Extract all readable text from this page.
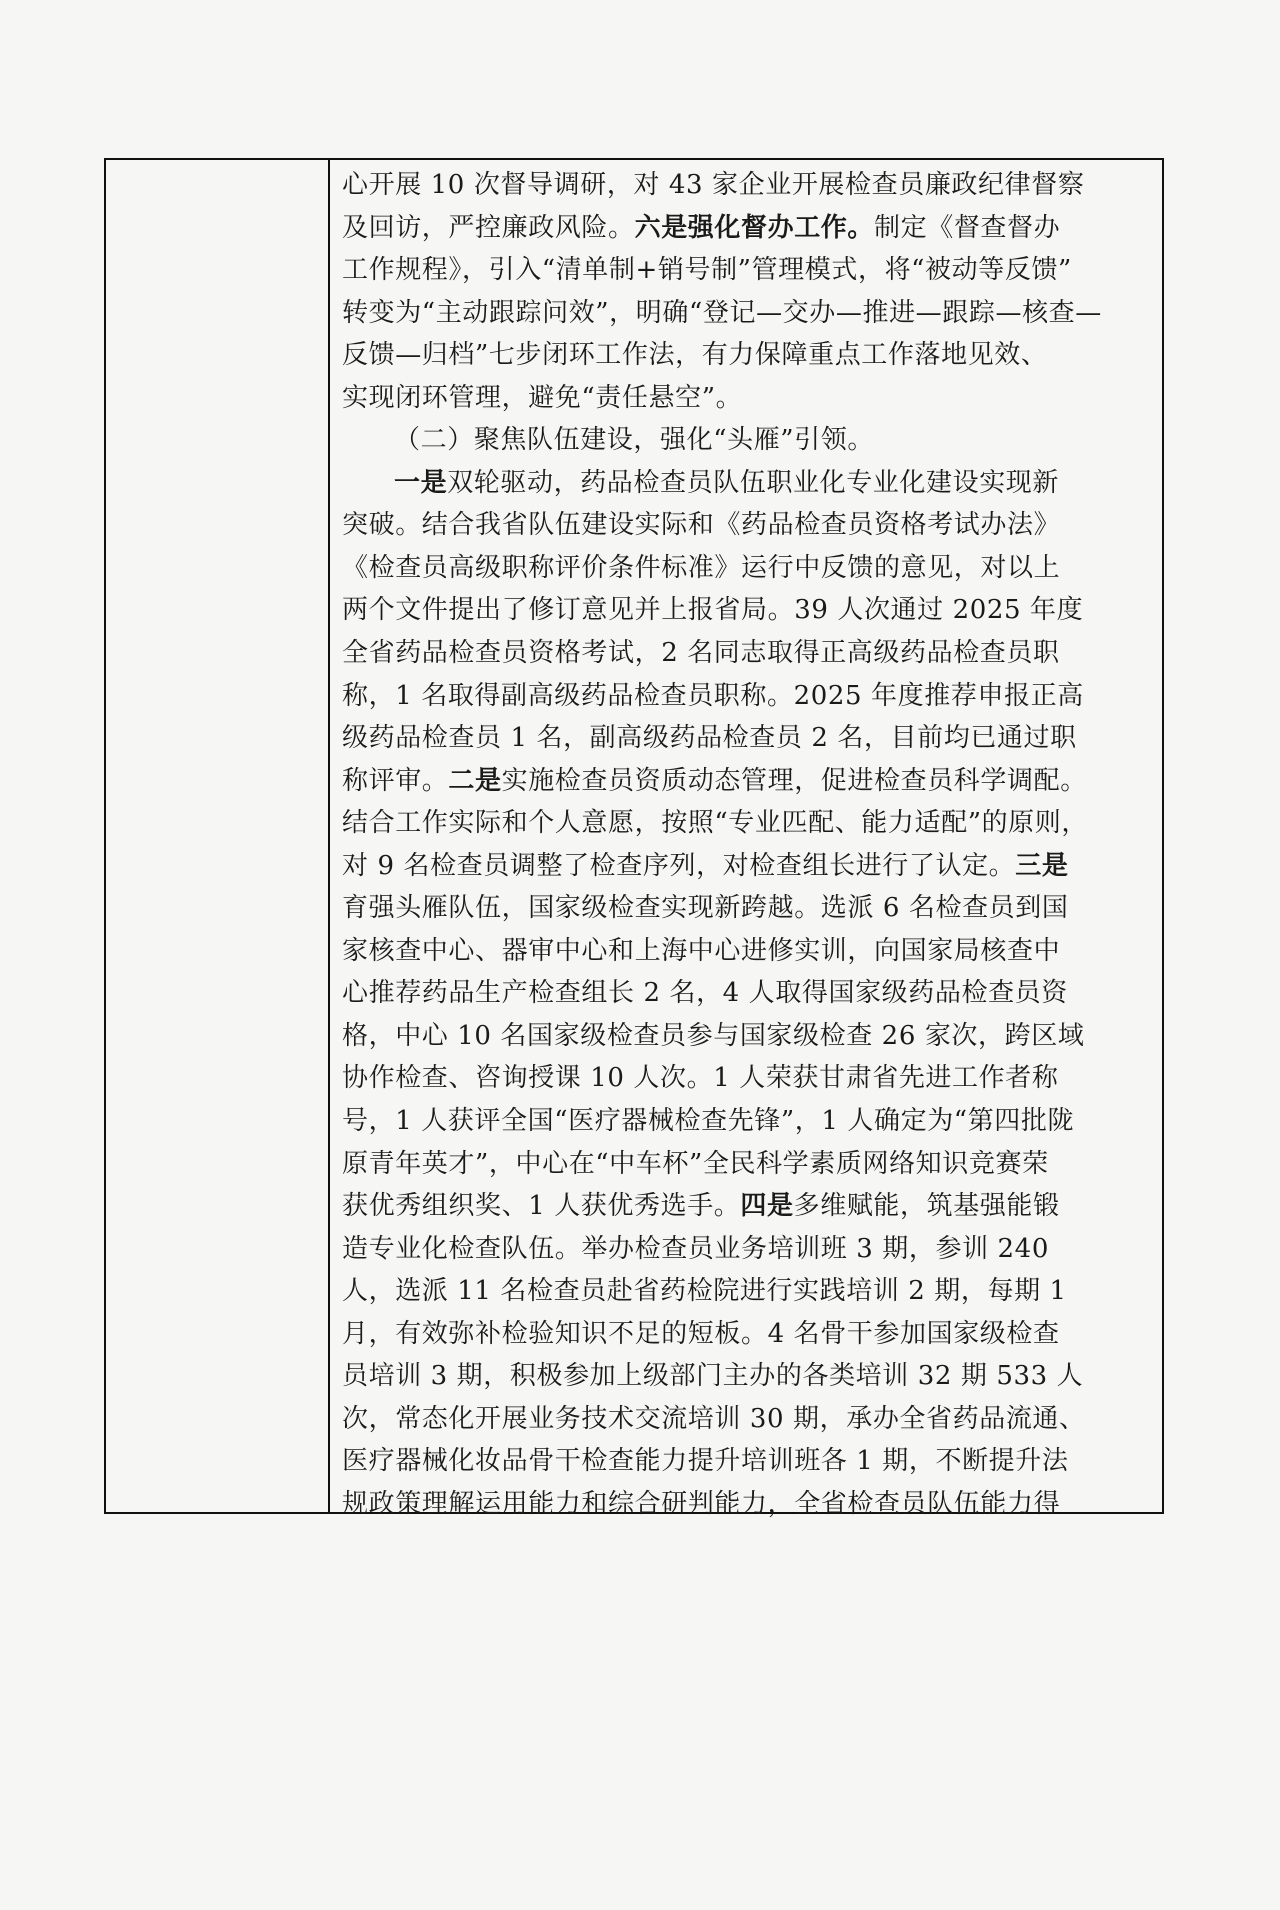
心开展 10 次督导调研，对 43 家企业开展检查员廉政纪律督察
及回访，严控廉政风险。六是强化督办工作。制定《督查督办
工作规程》，引入“清单制+销号制”管理模式，将“被动等反馈”
转变为“主动跟踪问效”，明确“登记—交办—推进—跟踪—核查—
反馈—归档”七步闭环工作法，有力保障重点工作落地见效、
实现闭环管理，避免“责任悬空”。
（二）聚焦队伍建设，强化“头雁”引领。
一是双轮驱动，药品检查员队伍职业化专业化建设实现新
突破。结合我省队伍建设实际和《药品检查员资格考试办法》
《检查员高级职称评价条件标准》运行中反馈的意见，对以上
两个文件提出了修订意见并上报省局。39 人次通过 2025 年度
全省药品检查员资格考试，2 名同志取得正高级药品检查员职
称，1 名取得副高级药品检查员职称。2025 年度推荐申报正高
级药品检查员 1 名，副高级药品检查员 2 名，目前均已通过职
称评审。二是实施检查员资质动态管理，促进检查员科学调配。
结合工作实际和个人意愿，按照“专业匹配、能力适配”的原则，
对 9 名检查员调整了检查序列，对检查组长进行了认定。三是
育强头雁队伍，国家级检查实现新跨越。选派 6 名检查员到国
家核查中心、器审中心和上海中心进修实训，向国家局核查中
心推荐药品生产检查组长 2 名，4 人取得国家级药品检查员资
格，中心 10 名国家级检查员参与国家级检查 26 家次，跨区域
协作检查、咨询授课 10 人次。1 人荣获甘肃省先进工作者称
号，1 人获评全国“医疗器械检查先锋”，1 人确定为“第四批陇
原青年英才”，中心在“中车杯”全民科学素质网络知识竞赛荣
获优秀组织奖、1 人获优秀选手。四是多维赋能，筑基强能锻
造专业化检查队伍。举办检查员业务培训班 3 期，参训 240
人，选派 11 名检查员赴省药检院进行实践培训 2 期，每期 1
月，有效弥补检验知识不足的短板。4 名骨干参加国家级检查
员培训 3 期，积极参加上级部门主办的各类培训 32 期 533 人
次，常态化开展业务技术交流培训 30 期，承办全省药品流通、
医疗器械化妆品骨干检查能力提升培训班各 1 期，不断提升法
规政策理解运用能力和综合研判能力，全省检查员队伍能力得
